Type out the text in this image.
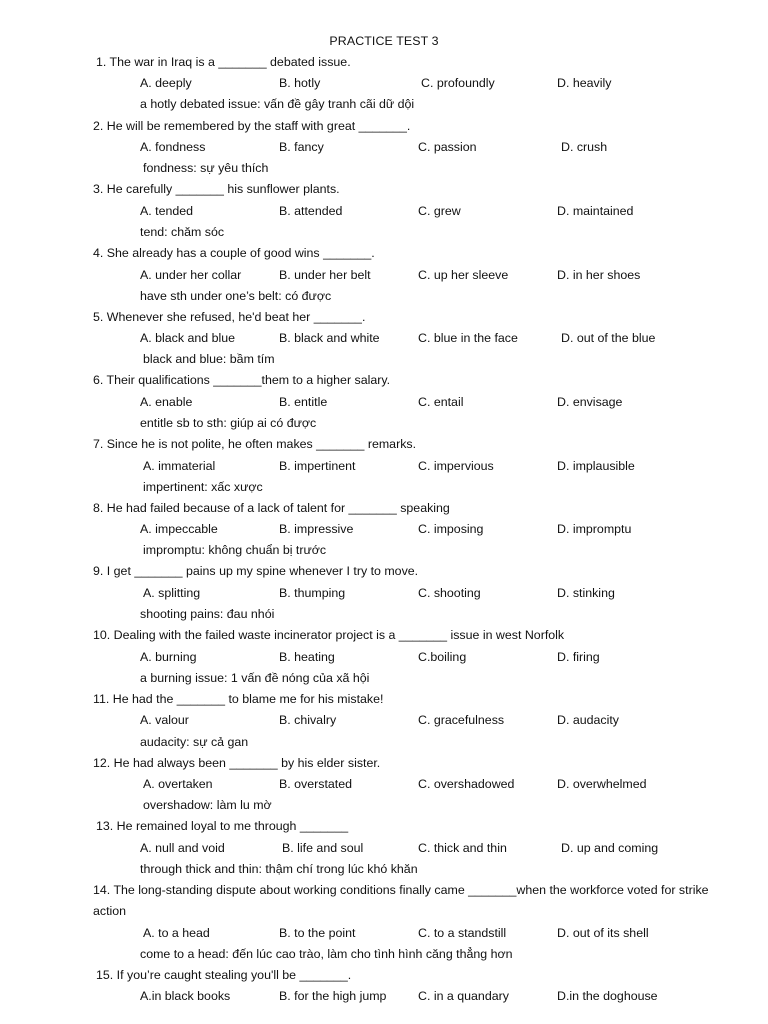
PRACTICE TEST 3
1. The war in Iraq is a _______ debated issue.
A. deeply	B. hotly	C. profoundly	D. heavily
a hotly debated issue: vấn đề gây tranh cãi dữ dội
2. He will be remembered by the staff with great _______.
A. fondness	B. fancy	C. passion	D. crush
fondness: sự yêu thích
3. He carefully _______ his sunflower plants.
A. tended	B. attended	C. grew	D. maintained
tend: chăm sóc
4. She already has a couple of good wins _______.
A. under her collar	B. under her belt	C. up her sleeve	D. in her shoes
have sth under one’s belt: có được
5. Whenever she refused, he'd beat her _______.
A. black and blue	B. black and white	C. blue in the face	D. out of the blue
black and blue: bầm tím
6. Their qualifications _______them to a higher salary.
A. enable	B. entitle	C. entail	D. envisage
entitle sb to sth: giúp ai có được
7. Since he is not polite, he often makes _______ remarks.
A. immaterial	B. impertinent	C. impervious	D. implausible
impertinent: xấc xược
8. He had failed because of a lack of talent for _______ speaking
A. impeccable	B. impressive	C. imposing	D. impromptu
impromptu: không chuẩn bị trước
9. I get _______ pains up my spine whenever I try to move.
A. splitting	B. thumping	C. shooting	D. stinking
shooting pains: đau nhói
10. Dealing with the failed waste incinerator project is a _______ issue in west Norfolk
A. burning	B. heating	C.boiling	D. firing
a burning issue: 1 vấn đề nóng của xã hội
11. He had the _______ to blame me for his mistake!
A. valour	B. chivalry	C. gracefulness	D. audacity
audacity: sự cả gan
12. He had always been _______ by his elder sister.
A. overtaken	B. overstated	C. overshadowed	D. overwhelmed
overshadow: làm lu mờ
13. He remained loyal to me through _______
A. null and void	B. life and soul	C. thick and thin	D. up and coming
through thick and thin: thậm chí trong lúc khó khăn
14. The long-standing dispute about working conditions finally came _______when the workforce voted for strike action
A. to a head	B. to the point	C. to a standstill	D. out of its shell
come to a head: đến lúc cao trào, làm cho tình hình căng thẳng hơn
15. If you’re caught stealing you'll be _______.
A.in black books	B. for the high jump	C. in a quandary	D.in the doghouse
